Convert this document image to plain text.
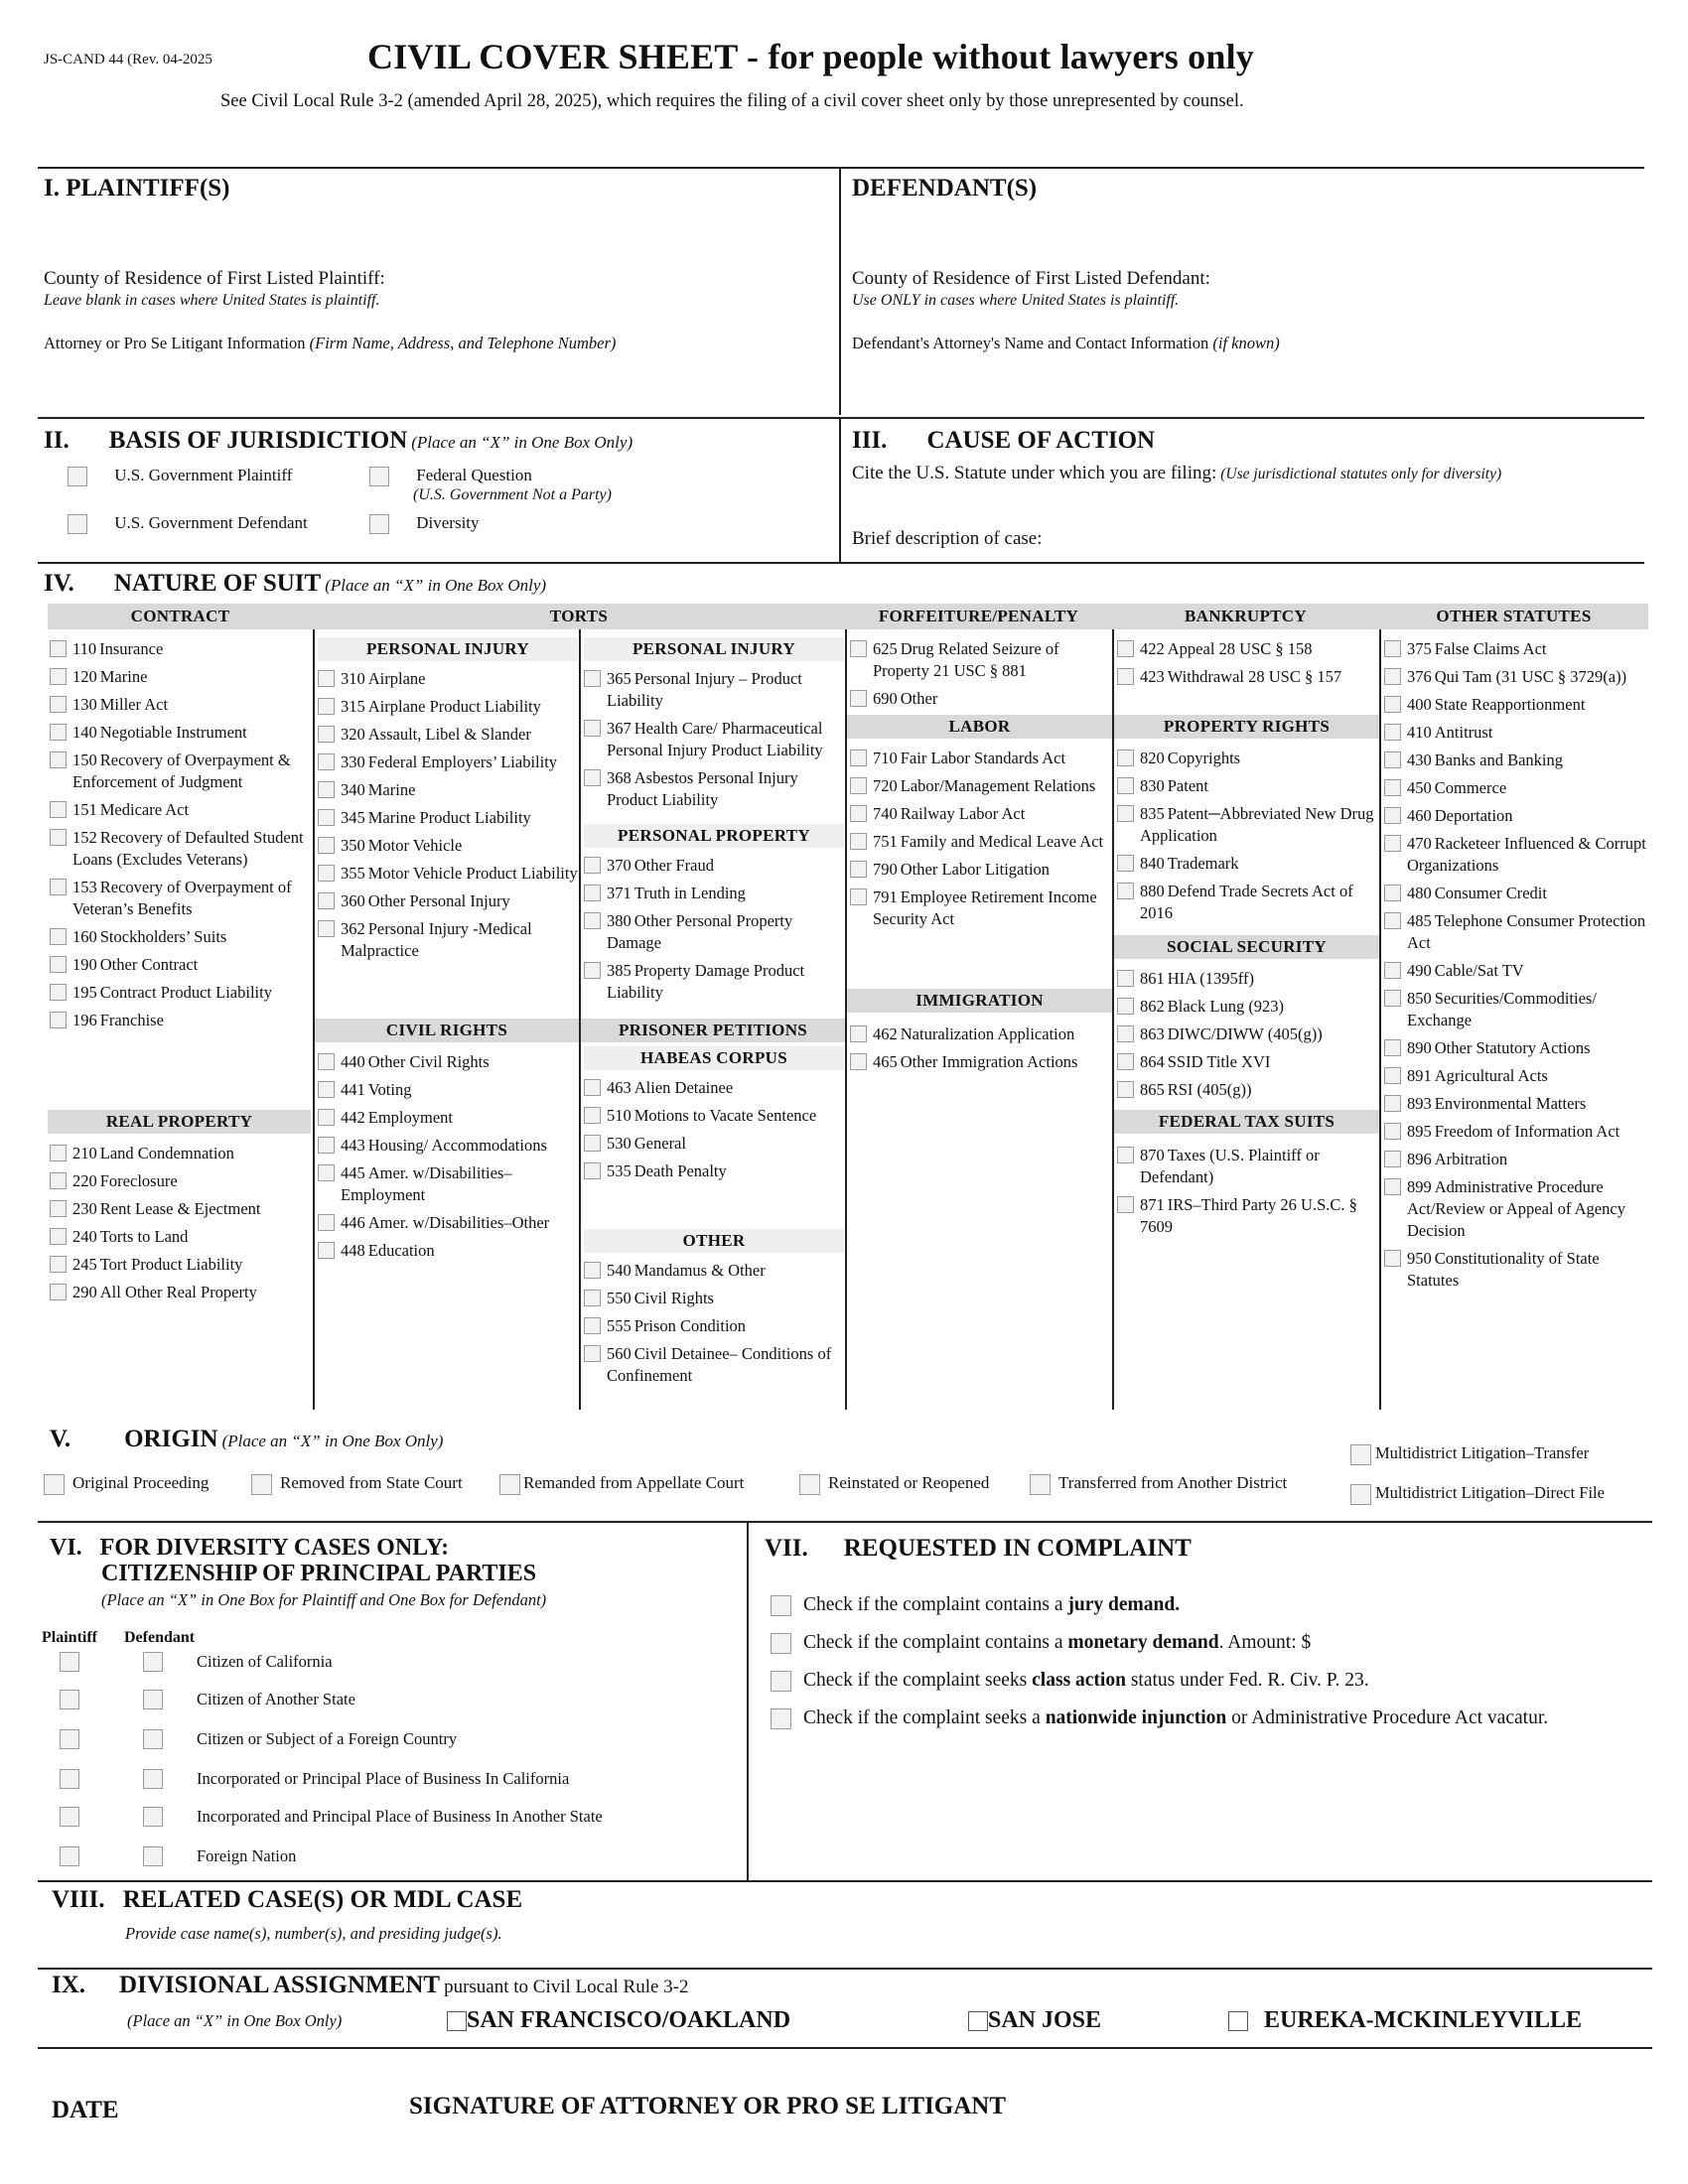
JS-CAND 44 (Rev. 04-2025	CIVIL COVER SHEET - for people without lawyers only
See Civil Local Rule 3-2 (amended April 28, 2025), which requires the filing of a civil cover sheet only by those unrepresented by counsel.
I. PLAINTIFF(S)
County of Residence of First Listed Plaintiff:
Leave blank in cases where United States is plaintiff.
Attorney or Pro Se Litigant Information (Firm Name, Address, and Telephone Number)
DEFENDANT(S)
County of Residence of First Listed Defendant:
Use ONLY in cases where United States is plaintiff.
Defendant's Attorney's Name and Contact Information (if known)
II. BASIS OF JURISDICTION (Place an “X” in One Box Only)
U.S. Government Plaintiff	Federal Question
(U.S. Government Not a Party)
U.S. Government Defendant	Diversity
III. CAUSE OF ACTION
Cite the U.S. Statute under which you are filing: (Use jurisdictional statutes only for diversity)
Brief description of case:
IV. NATURE OF SUIT (Place an “X” in One Box Only)
CONTRACT	TORTS	FORFEITURE/PENALTY	BANKRUPTCY	OTHER STATUTES
110 Insurance
120 Marine
130 Miller Act
140 Negotiable Instrument
150 Recovery of Overpayment & Enforcement of Judgment
151 Medicare Act
152 Recovery of Defaulted Student Loans (Excludes Veterans)
153 Recovery of Overpayment of Veteran’s Benefits
160 Stockholders’ Suits
190 Other Contract
195 Contract Product Liability
196 Franchise
REAL PROPERTY
210 Land Condemnation
220 Foreclosure
230 Rent Lease & Ejectment
240 Torts to Land
245 Tort Product Liability
290 All Other Real Property
PERSONAL INJURY
310 Airplane
315 Airplane Product Liability
320 Assault, Libel & Slander
330 Federal Employers’ Liability
340 Marine
345 Marine Product Liability
350 Motor Vehicle
355 Motor Vehicle Product Liability
360 Other Personal Injury
362 Personal Injury -Medical Malpractice
CIVIL RIGHTS
440 Other Civil Rights
441 Voting
442 Employment
443 Housing/ Accommodations
445 Amer. w/Disabilities– Employment
446 Amer. w/Disabilities–Other
448 Education
PERSONAL INJURY
365 Personal Injury – Product Liability
367 Health Care/ Pharmaceutical Personal Injury Product Liability
368 Asbestos Personal Injury Product Liability
PERSONAL PROPERTY
370 Other Fraud
371 Truth in Lending
380 Other Personal Property Damage
385 Property Damage Product Liability
PRISONER PETITIONS
HABEAS CORPUS
463 Alien Detainee
510 Motions to Vacate Sentence
530 General
535 Death Penalty
OTHER
540 Mandamus & Other
550 Civil Rights
555 Prison Condition
560 Civil Detainee– Conditions of Confinement
625 Drug Related Seizure of Property 21 USC § 881
690 Other
LABOR
710 Fair Labor Standards Act
720 Labor/Management Relations
740 Railway Labor Act
751 Family and Medical Leave Act
790 Other Labor Litigation
791 Employee Retirement Income Security Act
IMMIGRATION
462 Naturalization Application
465 Other Immigration Actions
422 Appeal 28 USC § 158
423 Withdrawal 28 USC § 157
PROPERTY RIGHTS
820 Copyrights
830 Patent
835 Patent─Abbreviated New Drug Application
840 Trademark
880 Defend Trade Secrets Act of 2016
SOCIAL SECURITY
861 HIA (1395ff)
862 Black Lung (923)
863 DIWC/DIWW (405(g))
864 SSID Title XVI
865 RSI (405(g))
FEDERAL TAX SUITS
870 Taxes (U.S. Plaintiff or Defendant)
871 IRS–Third Party 26 U.S.C. § 7609
375 False Claims Act
376 Qui Tam (31 USC § 3729(a))
400 State Reapportionment
410 Antitrust
430 Banks and Banking
450 Commerce
460 Deportation
470 Racketeer Influenced & Corrupt Organizations
480 Consumer Credit
485 Telephone Consumer Protection Act
490 Cable/Sat TV
850 Securities/Commodities/ Exchange
890 Other Statutory Actions
891 Agricultural Acts
893 Environmental Matters
895 Freedom of Information Act
896 Arbitration
899 Administrative Procedure Act/Review or Appeal of Agency Decision
950 Constitutionality of State Statutes
V. ORIGIN (Place an “X” in One Box Only)
Original Proceeding	Removed from State Court	Remanded from Appellate Court	Reinstated or Reopened	Transferred from Another District
Multidistrict Litigation–Transfer
Multidistrict Litigation–Direct File
VI. FOR DIVERSITY CASES ONLY:
CITIZENSHIP OF PRINCIPAL PARTIES
(Place an “X” in One Box for Plaintiff and One Box for Defendant)
Plaintiff Defendant
Citizen of California
Citizen of Another State
Citizen or Subject of a Foreign Country
Incorporated or Principal Place of Business In California
Incorporated and Principal Place of Business In Another State
Foreign Nation
VII. REQUESTED IN COMPLAINT
Check if the complaint contains a jury demand.
Check if the complaint contains a monetary demand. Amount: $
Check if the complaint seeks class action status under Fed. R. Civ. P. 23.
Check if the complaint seeks a nationwide injunction or Administrative Procedure Act vacatur.
VIII. RELATED CASE(S) OR MDL CASE
Provide case name(s), number(s), and presiding judge(s).
IX. DIVISIONAL ASSIGNMENT pursuant to Civil Local Rule 3-2
(Place an “X” in One Box Only)	SAN FRANCISCO/OAKLAND	SAN JOSE	EUREKA-MCKINLEYVILLE
DATE	SIGNATURE OF ATTORNEY OR PRO SE LITIGANT
